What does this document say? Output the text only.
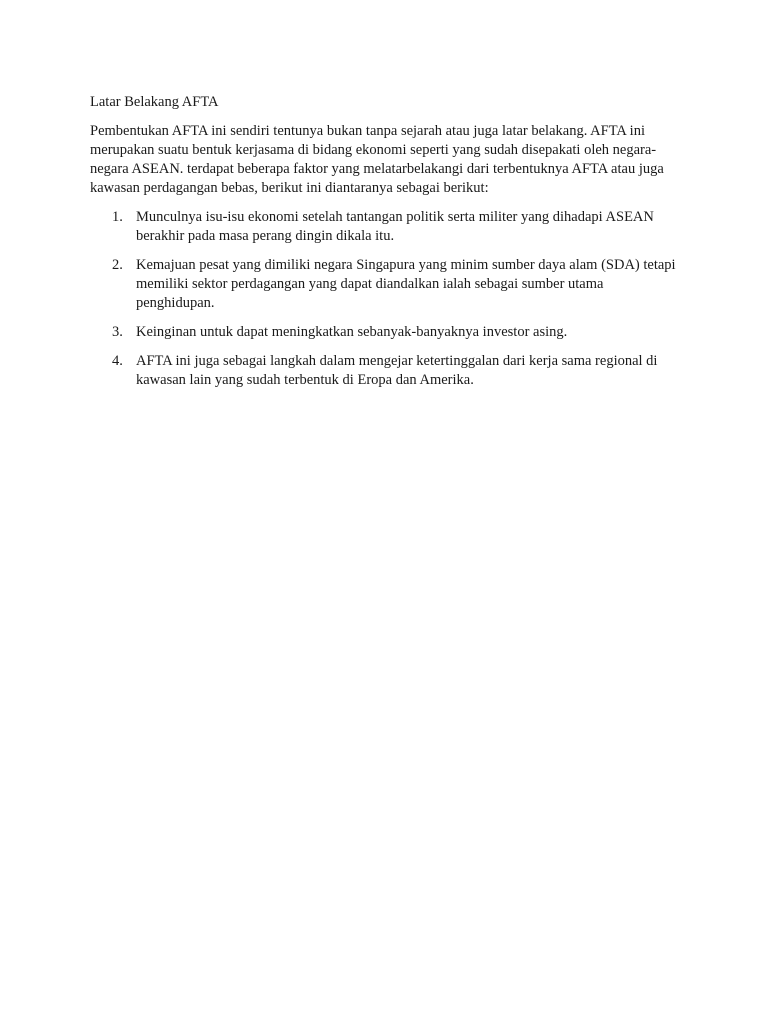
Latar Belakang AFTA

Pembentukan AFTA ini sendiri tentunya bukan tanpa sejarah atau juga latar belakang. AFTA ini merupakan suatu bentuk kerjasama di bidang ekonomi seperti yang sudah disepakati oleh negara-negara ASEAN. terdapat beberapa faktor yang melatarbelakangi dari terbentuknya AFTA atau juga kawasan perdagangan bebas, berikut ini diantaranya sebagai berikut:

1. Munculnya isu-isu ekonomi setelah tantangan politik serta militer yang dihadapi ASEAN berakhir pada masa perang dingin dikala itu.
2. Kemajuan pesat yang dimiliki negara Singapura yang minim sumber daya alam (SDA) tetapi memiliki sektor perdagangan yang dapat diandalkan ialah sebagai sumber utama penghidupan.
3. Keinginan untuk dapat meningkatkan sebanyak-banyaknya investor asing.
4. AFTA ini juga sebagai langkah dalam mengejar ketertinggalan dari kerja sama regional di kawasan lain yang sudah terbentuk di Eropa dan Amerika.
